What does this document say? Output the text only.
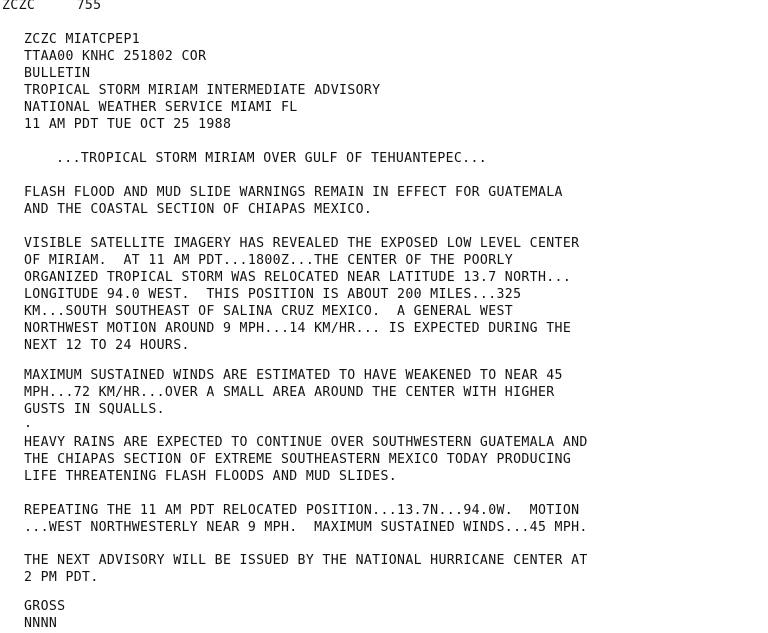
ZCZC     755
ZCZC MIATCPEP1
TTAA00 KNHC 251802 COR
BULLETIN
TROPICAL STORM MIRIAM INTERMEDIATE ADVISORY
NATIONAL WEATHER SERVICE MIAMI FL
11 AM PDT TUE OCT 25 1988
...TROPICAL STORM MIRIAM OVER GULF OF TEHUANTEPEC...
FLASH FLOOD AND MUD SLIDE WARNINGS REMAIN IN EFFECT FOR GUATEMALA
AND THE COASTAL SECTION OF CHIAPAS MEXICO.
VISIBLE SATELLITE IMAGERY HAS REVEALED THE EXPOSED LOW LEVEL CENTER
OF MIRIAM.  AT 11 AM PDT...1800Z...THE CENTER OF THE POORLY
ORGANIZED TROPICAL STORM WAS RELOCATED NEAR LATITUDE 13.7 NORTH...
LONGITUDE 94.0 WEST.  THIS POSITION IS ABOUT 200 MILES...325
KM...SOUTH SOUTHEAST OF SALINA CRUZ MEXICO.  A GENERAL WEST
NORTHWEST MOTION AROUND 9 MPH...14 KM/HR... IS EXPECTED DURING THE
NEXT 12 TO 24 HOURS.
MAXIMUM SUSTAINED WINDS ARE ESTIMATED TO HAVE WEAKENED TO NEAR 45
MPH...72 KM/HR...OVER A SMALL AREA AROUND THE CENTER WITH HIGHER
GUSTS IN SQUALLS.
.
HEAVY RAINS ARE EXPECTED TO CONTINUE OVER SOUTHWESTERN GUATEMALA AND
THE CHIAPAS SECTION OF EXTREME SOUTHEASTERN MEXICO TODAY PRODUCING
LIFE THREATENING FLASH FLOODS AND MUD SLIDES.
REPEATING THE 11 AM PDT RELOCATED POSITION...13.7N...94.0W.  MOTION
...WEST NORTHWESTERLY NEAR 9 MPH.  MAXIMUM SUSTAINED WINDS...45 MPH.
THE NEXT ADVISORY WILL BE ISSUED BY THE NATIONAL HURRICANE CENTER AT
2 PM PDT.
GROSS
NNNN
